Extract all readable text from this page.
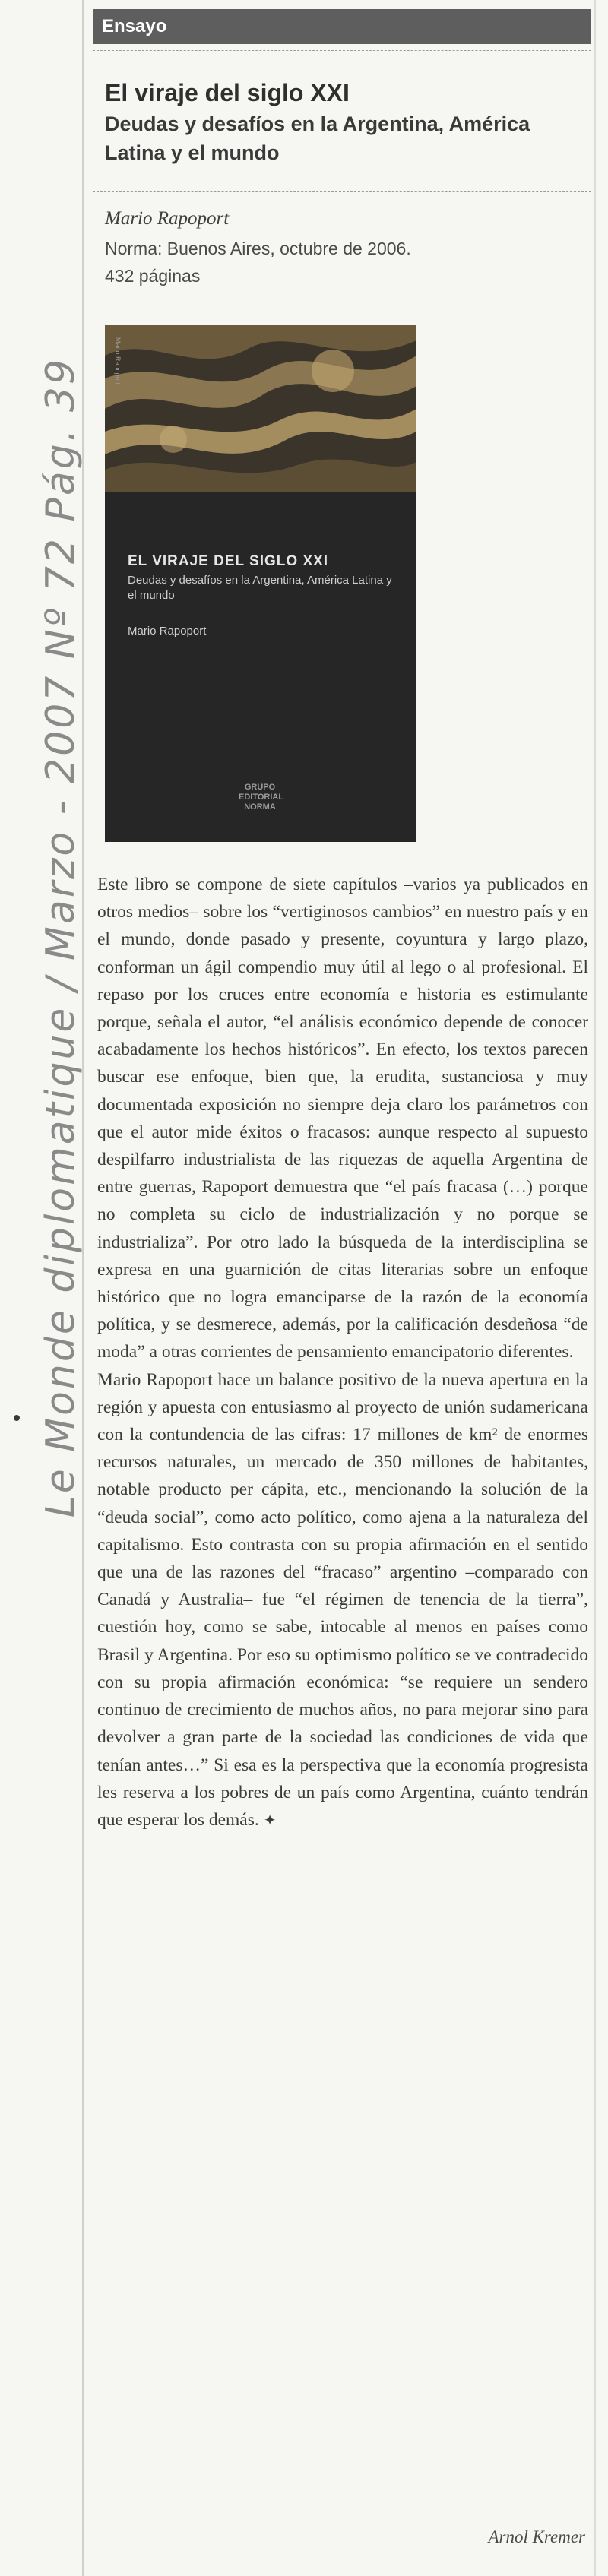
Le Monde diplomatique / Marzo - 2007 Nº 72 Pág. 39
Ensayo
El viraje del siglo XXI
Deudas y desafíos en la Argentina, América Latina y el mundo
Mario Rapoport
Norma: Buenos Aires, octubre de 2006.
432 páginas
Mario Rapoport
EL VIRAJE DEL SIGLO XXI
Deudas y desafíos en la Argentina, América Latina y el mundo
Mario Rapoport
GRUPO EDITORIAL NORMA

Este libro se compone de siete capítulos –varios ya publicados en otros medios– sobre los “vertiginosos cambios” en nuestro país y en el mundo, donde pasado y presente, coyuntura y largo plazo, conforman un ágil compendio muy útil al lego o al profesional. El repaso por los cruces entre economía e historia es estimulante porque, señala el autor, “el análisis económico depende de conocer acabadamente los hechos históricos”. En efecto, los textos parecen buscar ese enfoque, bien que, la erudita, sustanciosa y muy documentada exposición no siempre deja claro los parámetros con que el autor mide éxitos o fracasos: aunque respecto al supuesto despilfarro industrialista de las riquezas de aquella Argentina de entre guerras, Rapoport demuestra que “el país fracasa (…) porque no completa su ciclo de industrialización y no porque se industrializa”. Por otro lado la búsqueda de la interdisciplina se expresa en una guarnición de citas literarias sobre un enfoque histórico que no logra emanciparse de la razón de la economía política, y se desmerece, además, por la calificación desdeñosa “de moda” a otras corrientes de pensamiento emancipatorio diferentes.

Mario Rapoport hace un balance positivo de la nueva apertura en la región y apuesta con entusiasmo al proyecto de unión sudamericana con la contundencia de las cifras: 17 millones de km² de enormes recursos naturales, un mercado de 350 millones de habitantes, notable producto per cápita, etc., mencionando la solución de la “deuda social”, como acto político, como ajena a la naturaleza del capitalismo. Esto contrasta con su propia afirmación en el sentido que una de las razones del “fracaso” argentino –comparado con Canadá y Australia– fue “el régimen de tenencia de la tierra”, cuestión hoy, como se sabe, intocable al menos en países como Brasil y Argentina. Por eso su optimismo político se ve contradecido con su propia afirmación económica: “se requiere un sendero continuo de crecimiento de muchos años, no para mejorar sino para devolver a gran parte de la sociedad las condiciones de vida que tenían antes…” Si esa es la perspectiva que la economía progresista les reserva a los pobres de un país como Argentina, cuánto tendrán que esperar los demás. ✦

Arnol Kremer
